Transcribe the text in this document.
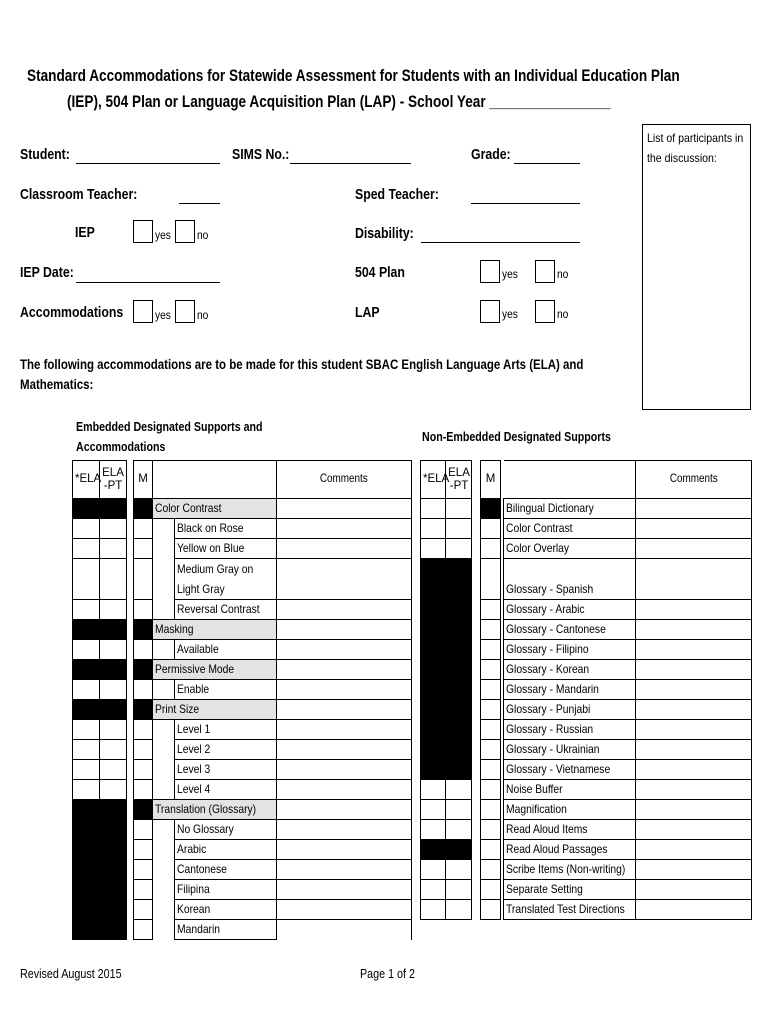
Standard Accommodations for Statewide Assessment for Students with an Individual Education Plan
(IEP), 504 Plan or Language Acquisition Plan (LAP) - School Year ________________
List of participants in the discussion:
Student:	SIMS No.:	Grade:
Classroom Teacher:	Sped Teacher:
IEP	yes no	Disability:
IEP Date:	504 Plan	yes	no
Accommodations	yes no	LAP	yes	no
The following accommodations are to be made for this student SBAC English Language Arts (ELA) and
Mathematics:
Embedded Designated Supports and
Accommodations
Non-Embedded Designated Supports
*ELA	ELA-PT		M			Comments
				Color Contrast		
					Black on Rose	
					Yellow on Blue	
					Medium Gray on Light Gray	
					Reversal Contrast	
				Masking		
					Available	
				Permissive Mode		
					Enable	
				Print Size		
					Level 1	
					Level 2	
					Level 3	
					Level 4	
				Translation (Glossary)		
					No Glossary	
					Arabic	
					Cantonese	
					Filipina	
					Korean	
					Mandarin	
*ELA	ELA-PT		M			Comments
					Bilingual Dictionary	
					Color Contrast	
					Color Overlay	
					Glossary - Spanish	
					Glossary - Arabic	
					Glossary - Cantonese	
					Glossary - Filipino	
					Glossary - Korean	
					Glossary - Mandarin	
					Glossary - Punjabi	
					Glossary - Russian	
					Glossary - Ukrainian	
					Glossary - Vietnamese	
					Noise Buffer	
					Magnification	
					Read Aloud Items	
					Read Aloud Passages	
					Scribe Items (Non-writing)	
					Separate Setting	
					Translated Test Directions	
Revised August 2015	Page 1 of 2
